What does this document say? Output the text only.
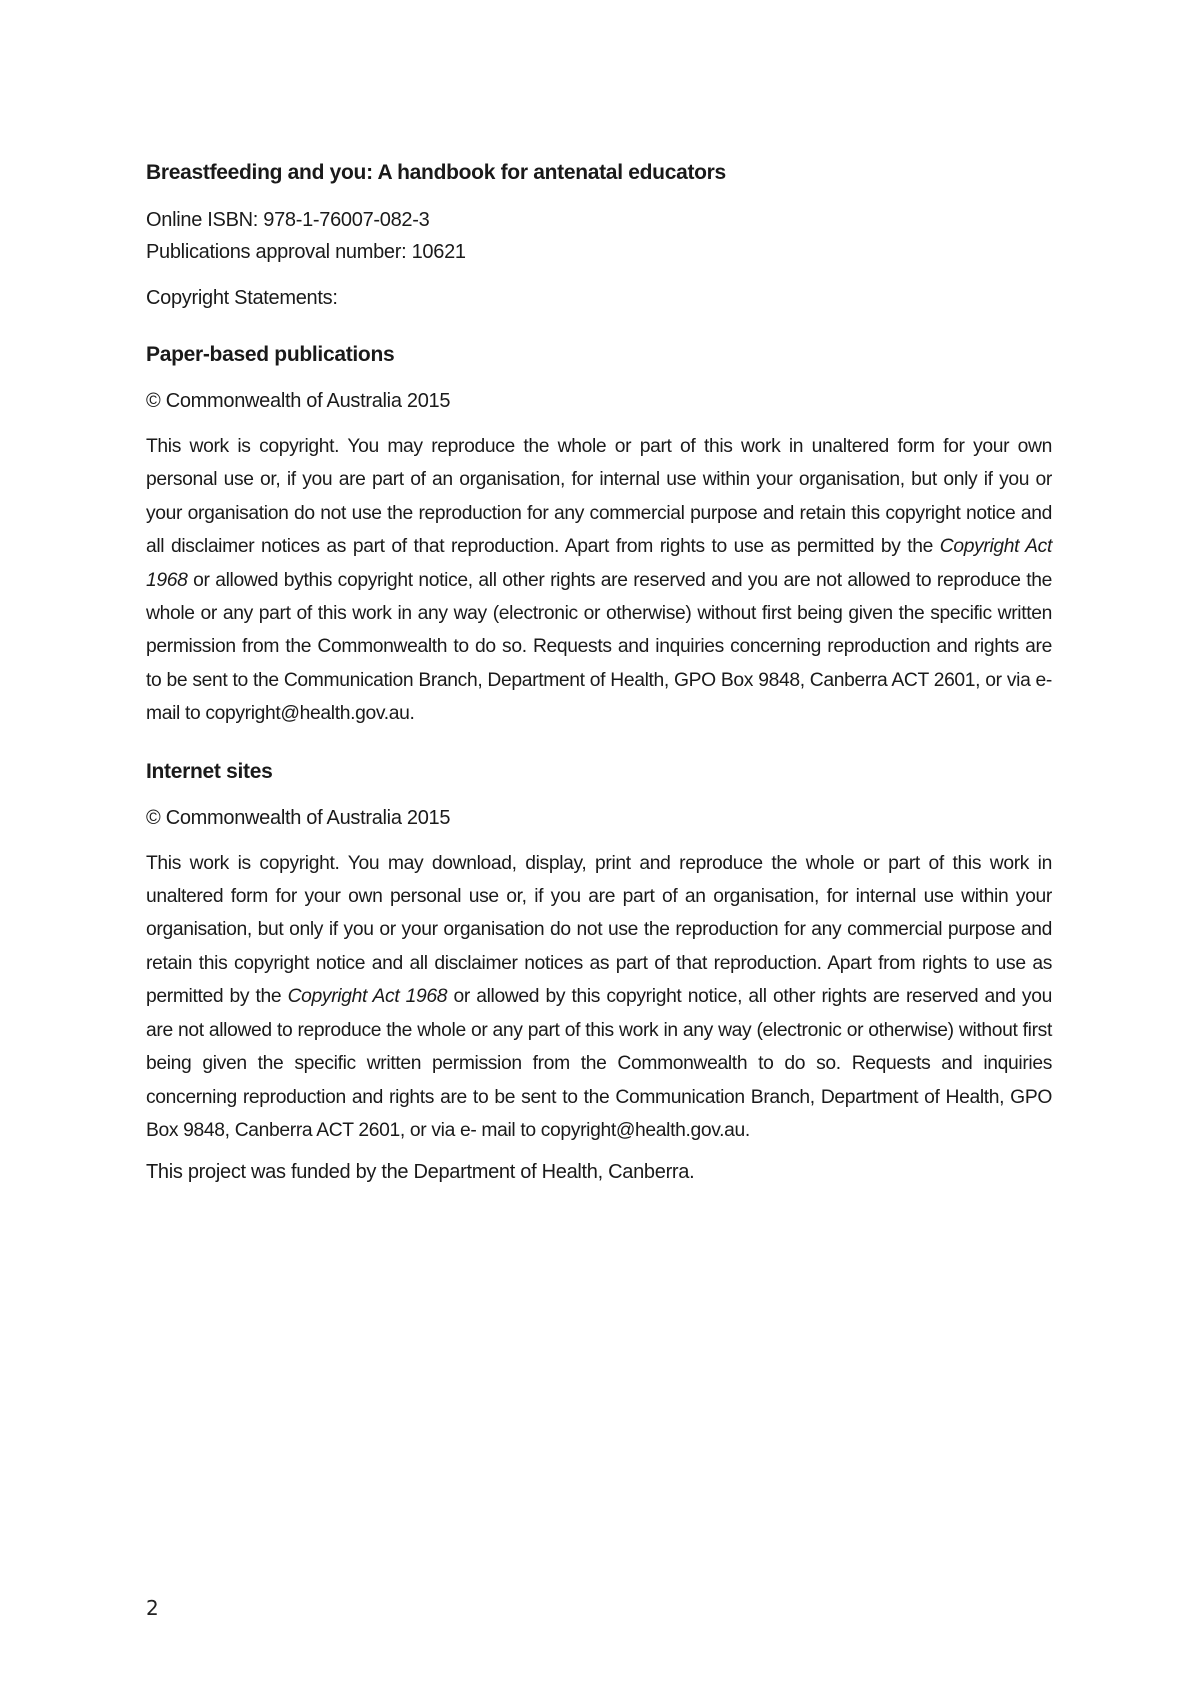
Breastfeeding and you: A handbook for antenatal educators

Online ISBN: 978-1-76007-082-3

Publications approval number: 10621

Copyright Statements:

Paper-based publications

© Commonwealth of Australia 2015

This work is copyright. You may reproduce the whole or part of this work in unaltered form for your own personal use or, if you are part of an organisation, for internal use within your organisation, but only if you or your organisation do not use the reproduction for any commercial purpose and retain this copyright notice and all disclaimer notices as part of that reproduction. Apart from rights to use as permitted by the Copyright Act 1968 or allowed bythis copyright notice, all other rights are reserved and you are not allowed to reproduce the whole or any part of this work in any way (electronic or otherwise) without first being given the specific written permission from the Commonwealth to do so. Requests and inquiries concerning reproduction and rights are to be sent to the Communication Branch, Department of Health, GPO Box 9848, Canberra ACT 2601, or via e-mail to copyright@health.gov.au.

Internet sites

© Commonwealth of Australia 2015

This work is copyright. You may download, display, print and reproduce the whole or part of this work in unaltered form for your own personal use or, if you are part of an organisation, for internal use within your organisation, but only if you or your organisation do not use the reproduction for any commercial purpose and retain this copyright notice and all disclaimer notices as part of that reproduction. Apart from rights to use as permitted by the Copyright Act 1968 or allowed by this copyright notice, all other rights are reserved and you are not allowed to reproduce the whole or any part of this work in any way (electronic or otherwise) without first being given the specific written permission from the Commonwealth to do so. Requests and inquiries concerning reproduction and rights are to be sent to the Communication Branch, Department of Health, GPO Box 9848, Canberra ACT 2601, or via e- mail to copyright@health.gov.au.

This project was funded by the Department of Health, Canberra.

2
